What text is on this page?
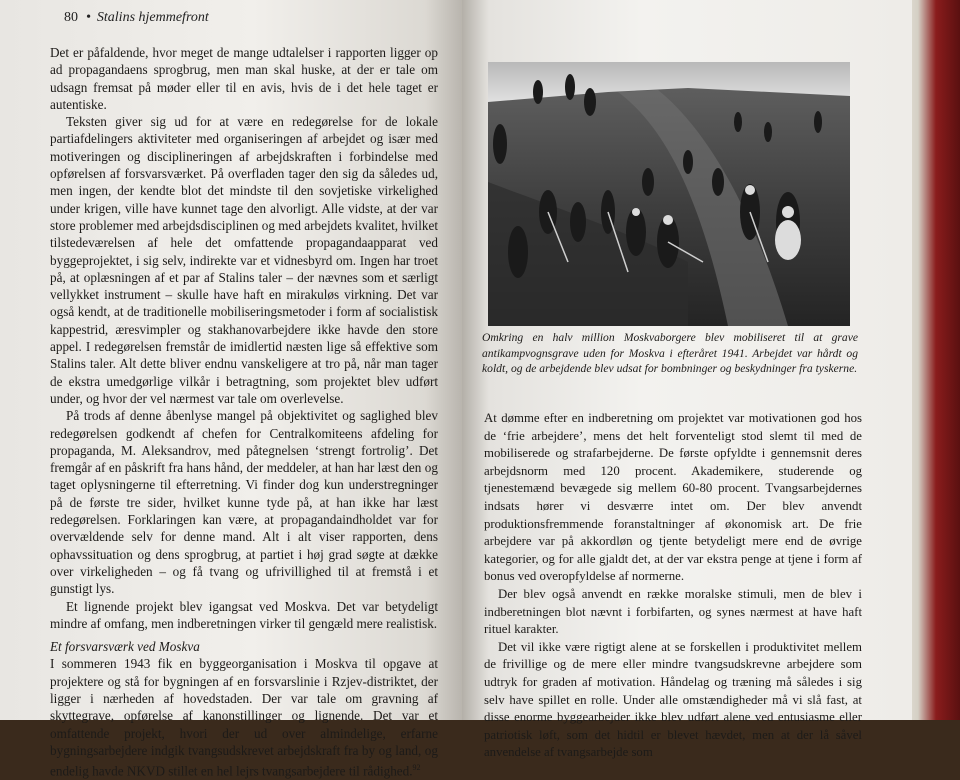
80 • Stalins hjemmefront

Det er påfaldende, hvor meget de mange udtalelser i rapporten ligger op ad propagandaens sprogbrug, men man skal huske, at der er tale om udsagn fremsat på møder eller til en avis, hvis de i det hele taget er autentiske.

Teksten giver sig ud for at være en redegørelse for de lokale partiafdelingers aktiviteter med organiseringen af arbejdet og især med motiveringen og disciplineringen af arbejdskraften i forbindelse med opførelsen af forsvarsværket. På overfladen tager den sig da således ud, men ingen, der kendte blot det mindste til den sovjetiske virkelighed under krigen, ville have kunnet tage den alvorligt. Alle vidste, at der var store problemer med arbejdsdisciplinen og med arbejdets kvalitet, hvilket tilstedeværelsen af hele det omfattende propagandaapparat ved byggeprojektet, i sig selv, indirekte var et vidnesbyrd om. Ingen har troet på, at oplæsningen af et par af Stalins taler – der nævnes som et særligt vellykket instrument – skulle have haft en mirakuløs virkning. Det var også kendt, at de traditionelle mobiliseringsmetoder i form af socialistisk kappestrid, æresvimpler og stakhanovarbejdere ikke havde den store appel. I redegørelsen fremstår de imidlertid næsten lige så effektive som Stalins taler. Alt dette bliver endnu vanskeligere at tro på, når man tager de ekstra umedgørlige vilkår i betragtning, som projektet blev udført under, og hvor der vel nærmest var tale om overlevelse.

På trods af denne åbenlyse mangel på objektivitet og saglighed blev redegørelsen godkendt af chefen for Centralkomiteens afdeling for propaganda, M. Aleksandrov, med påtegnelsen ‘strengt fortrolig’. Det fremgår af en påskrift fra hans hånd, der meddeler, at han har læst den og taget oplysningerne til efterretning. Vi finder dog kun understregninger på de første tre sider, hvilket kunne tyde på, at han ikke har læst redegørelsen. Forklaringen kan være, at propagandaindholdet var for overvældende selv for denne mand. Alt i alt viser rapporten, dens ophavssituation og dens sprogbrug, at partiet i høj grad søgte at dække over virkeligheden – og få tvang og ufrivillighed til at fremstå i et gunstigt lys.

Et lignende projekt blev igangsat ved Moskva. Det var betydeligt mindre af omfang, men indberetningen virker til gengæld mere realistisk.

Et forsvarsværk ved Moskva

I sommeren 1943 fik en byggeorganisation i Moskva til opgave at projektere og stå for bygningen af en forsvarslinie i Rzjev-distriktet, der ligger i nærheden af hovedstaden. Der var tale om gravning af skyttegrave, opførelse af kanonstillinger og lignende. Det var et omfattende projekt, hvori der ud over almindelige, erfarne bygningsarbejdere indgik tvangsudskrevet arbejdskraft fra by og land, og endelig havde NKVD stillet en hel lejrs tvangsarbejdere til rådighed.$^{92}$

Omkring en halv million Moskvaborgere blev mobiliseret til at grave antikampvognsgrave uden for Moskva i efteråret 1941. Arbejdet var hårdt og koldt, og de arbejdende blev udsat for bombninger og beskydninger fra tyskerne.

At dømme efter en indberetning om projektet var motivationen god hos de ‘frie arbejdere’, mens det helt forventeligt stod slemt til med de mobiliserede og strafarbejderne. De første opfyldte i gennemsnit deres arbejdsnorm med 120 procent. Akademikere, studerende og tjenestemænd bevægede sig mellem 60-80 procent. Tvangsarbejdernes indsats hører vi desværre intet om. Der blev anvendt produktionsfremmende foranstaltninger af økonomisk art. De frie arbejdere var på akkordløn og tjente betydeligt mere end de øvrige kategorier, og for alle gjaldt det, at der var ekstra penge at tjene i form af bonus ved overopfyldelse af normerne.

Der blev også anvendt en række moralske stimuli, men de blev i indberetningen blot nævnt i forbifarten, og synes nærmest at have haft rituel karakter.

Det vil ikke være rigtigt alene at se forskellen i produktivitet mellem de frivillige og de mere eller mindre tvangsudskrevne arbejdere som udtryk for graden af motivation. Håndelag og træning må således i sig selv have spillet en rolle. Under alle omstændigheder må vi slå fast, at disse enorme byggearbejder ikke blev udført alene ved entusiasme eller patriotisk løft, som det hidtil er blevet hævdet, men at der lå såvel anvendelse af tvangsarbejde som
